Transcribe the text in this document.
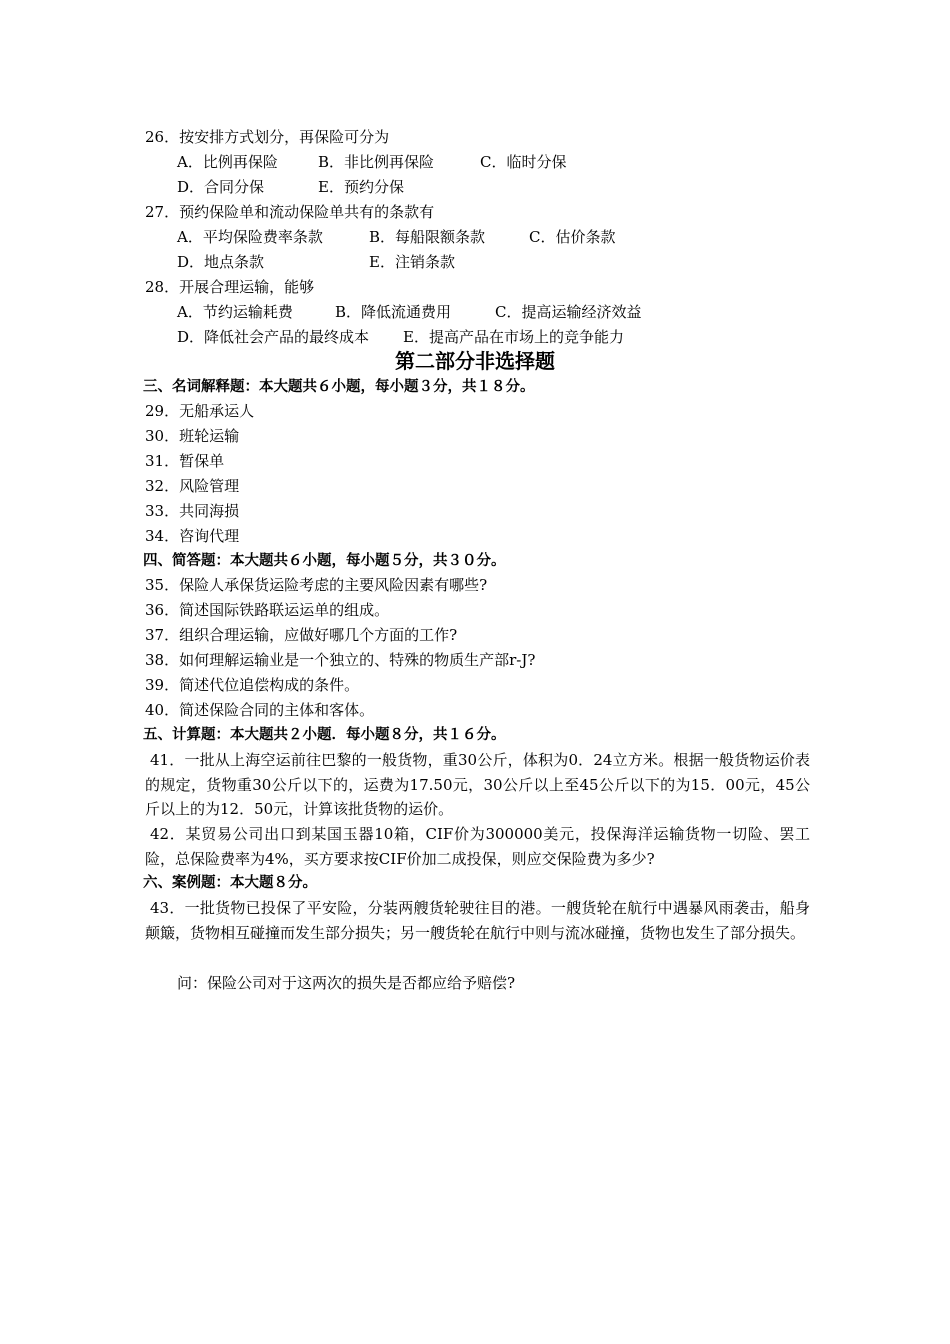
26．按安排方式划分，再保险可分为
A．比例再保险	B．非比例再保险	C．临时分保
D．合同分保	E．预约分保
27．预约保险单和流动保险单共有的条款有
A．平均保险费率条款	B．每船限额条款	C．估价条款
D．地点条款	E．注销条款
28．开展合理运输，能够
A．节约运输耗费	B．降低流通费用	C．提高运输经济效益
D．降低社会产品的最终成本 E．提高产品在市场上的竞争能力
第二部分非选择题
三、名词解释题：本大题共６小题，每小题３分，共１８分。
29．无船承运人
30．班轮运输
31．暂保单
32．风险管理
33．共同海损
34．咨询代理
四、简答题：本大题共６小题，每小题５分，共３０分。
35．保险人承保货运险考虑的主要风险因素有哪些?
36．简述国际铁路联运运单的组成。
37．组织合理运输，应做好哪几个方面的工作?
38．如何理解运输业是一个独立的、特殊的物质生产部r-J?
39．简述代位追偿构成的条件。
40．简述保险合同的主体和客体。
五、计算题：本大题共２小题．每小题８分，共１６分。
41．一批从上海空运前往巴黎的一般货物，重30公斤，体积为0．24立方米。根据一般货物运价表的规定，货物重30公斤以下的，运费为17.50元，30公斤以上至45公斤以下的为15．00元，45公斤以上的为12．50元，计算该批货物的运价。
42．某贸易公司出口到某国玉器10箱，CIF价为300000美元，投保海洋运输货物一切险、罢工险，总保险费率为4%，买方要求按CIF价加二成投保，则应交保险费为多少?
六、案例题：本大题８分。
43．一批货物已投保了平安险，分装两艘货轮驶往目的港。一艘货轮在航行中遇暴风雨袭击，船身颠簸，货物相互碰撞而发生部分损失；另一艘货轮在航行中则与流冰碰撞，货物也发生了部分损失。
问：保险公司对于这两次的损失是否都应给予赔偿?
